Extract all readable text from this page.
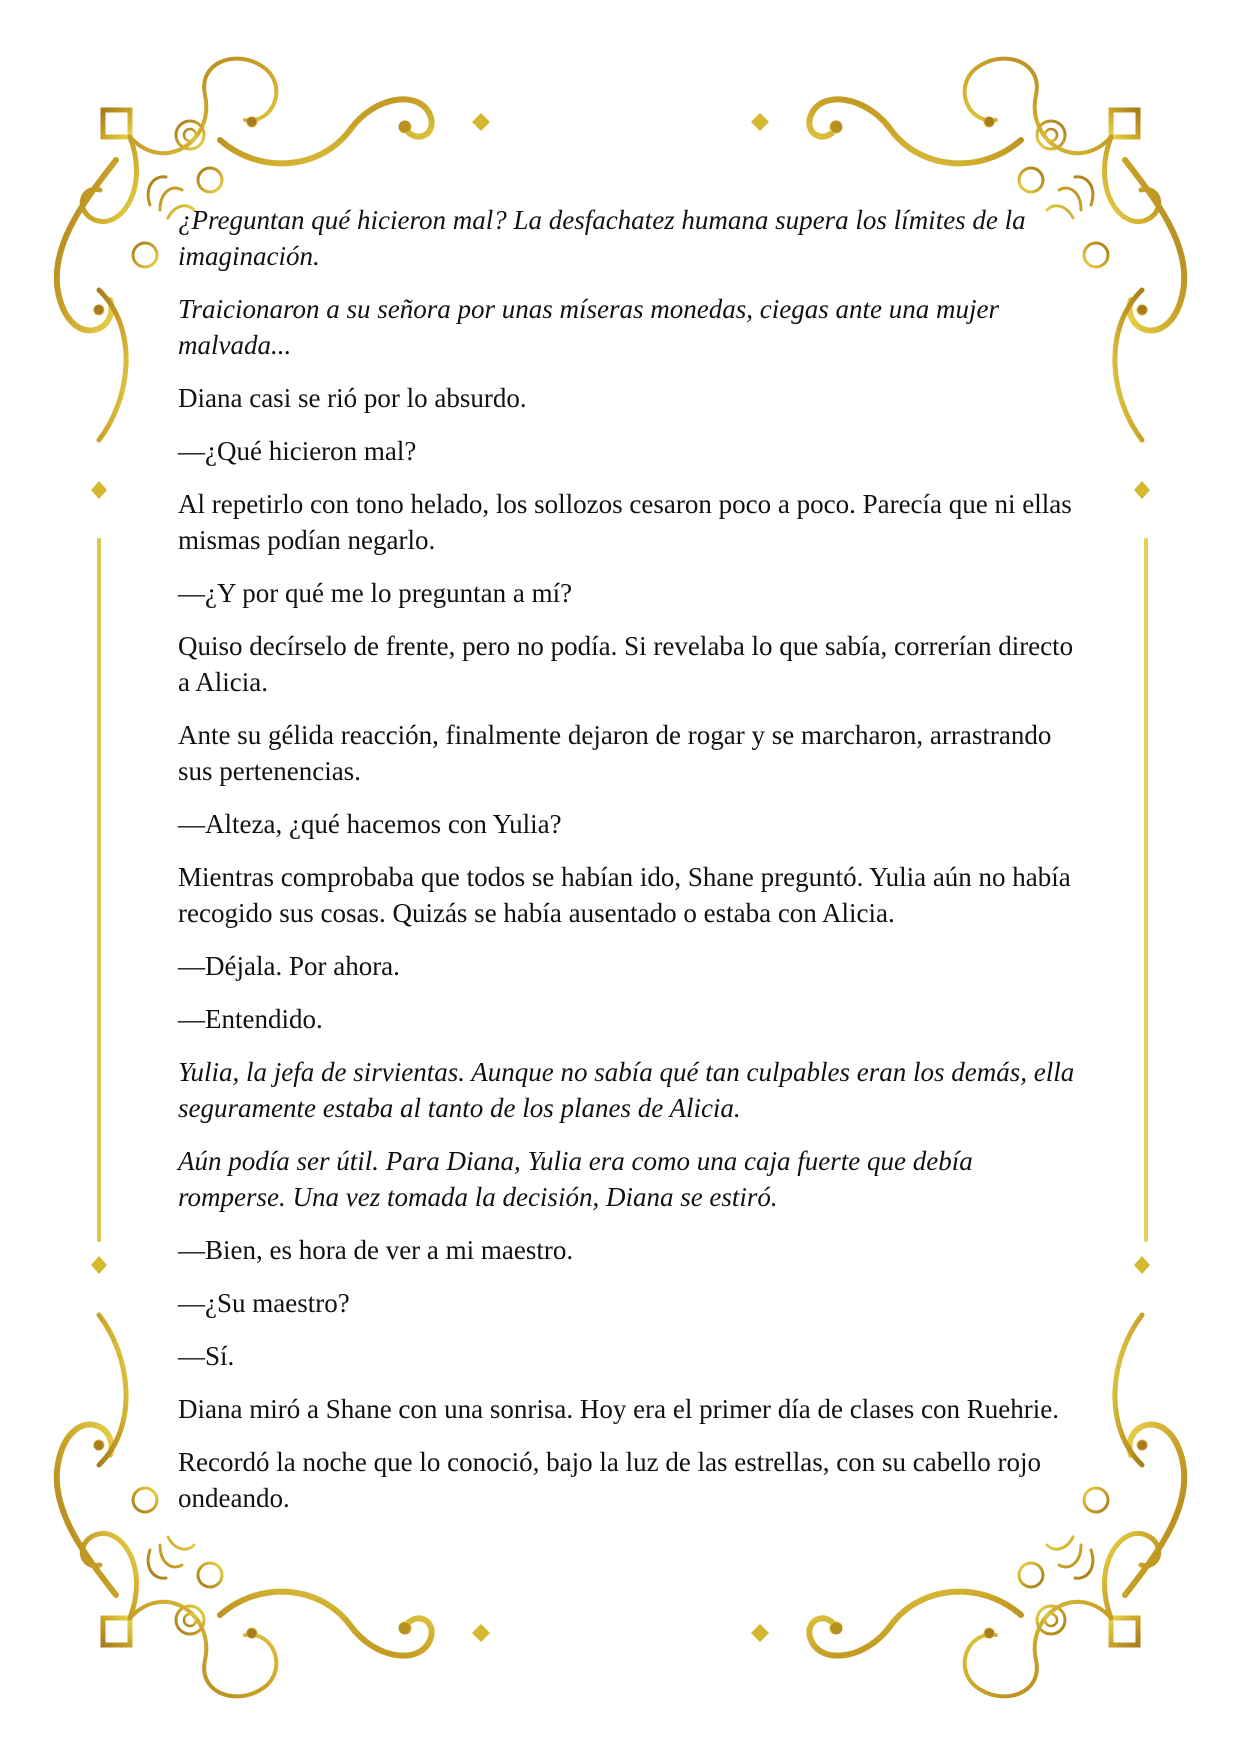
¿Preguntan qué hicieron mal? La desfachatez humana supera los límites de la imaginación.

Traicionaron a su señora por unas míseras monedas, ciegas ante una mujer malvada...

Diana casi se rió por lo absurdo.

—¿Qué hicieron mal?

Al repetirlo con tono helado, los sollozos cesaron poco a poco. Parecía que ni ellas mismas podían negarlo.

—¿Y por qué me lo preguntan a mí?

Quiso decírselo de frente, pero no podía. Si revelaba lo que sabía, correrían directo a Alicia.

Ante su gélida reacción, finalmente dejaron de rogar y se marcharon, arrastrando sus pertenencias.

—Alteza, ¿qué hacemos con Yulia?

Mientras comprobaba que todos se habían ido, Shane preguntó. Yulia aún no había recogido sus cosas. Quizás se había ausentado o estaba con Alicia.

—Déjala. Por ahora.

—Entendido.

Yulia, la jefa de sirvientas. Aunque no sabía qué tan culpables eran los demás, ella seguramente estaba al tanto de los planes de Alicia.

Aún podía ser útil. Para Diana, Yulia era como una caja fuerte que debía romperse. Una vez tomada la decisión, Diana se estiró.

—Bien, es hora de ver a mi maestro.

—¿Su maestro?

—Sí.

Diana miró a Shane con una sonrisa. Hoy era el primer día de clases con Ruehrie.

Recordó la noche que lo conoció, bajo la luz de las estrellas, con su cabello rojo ondeando.
